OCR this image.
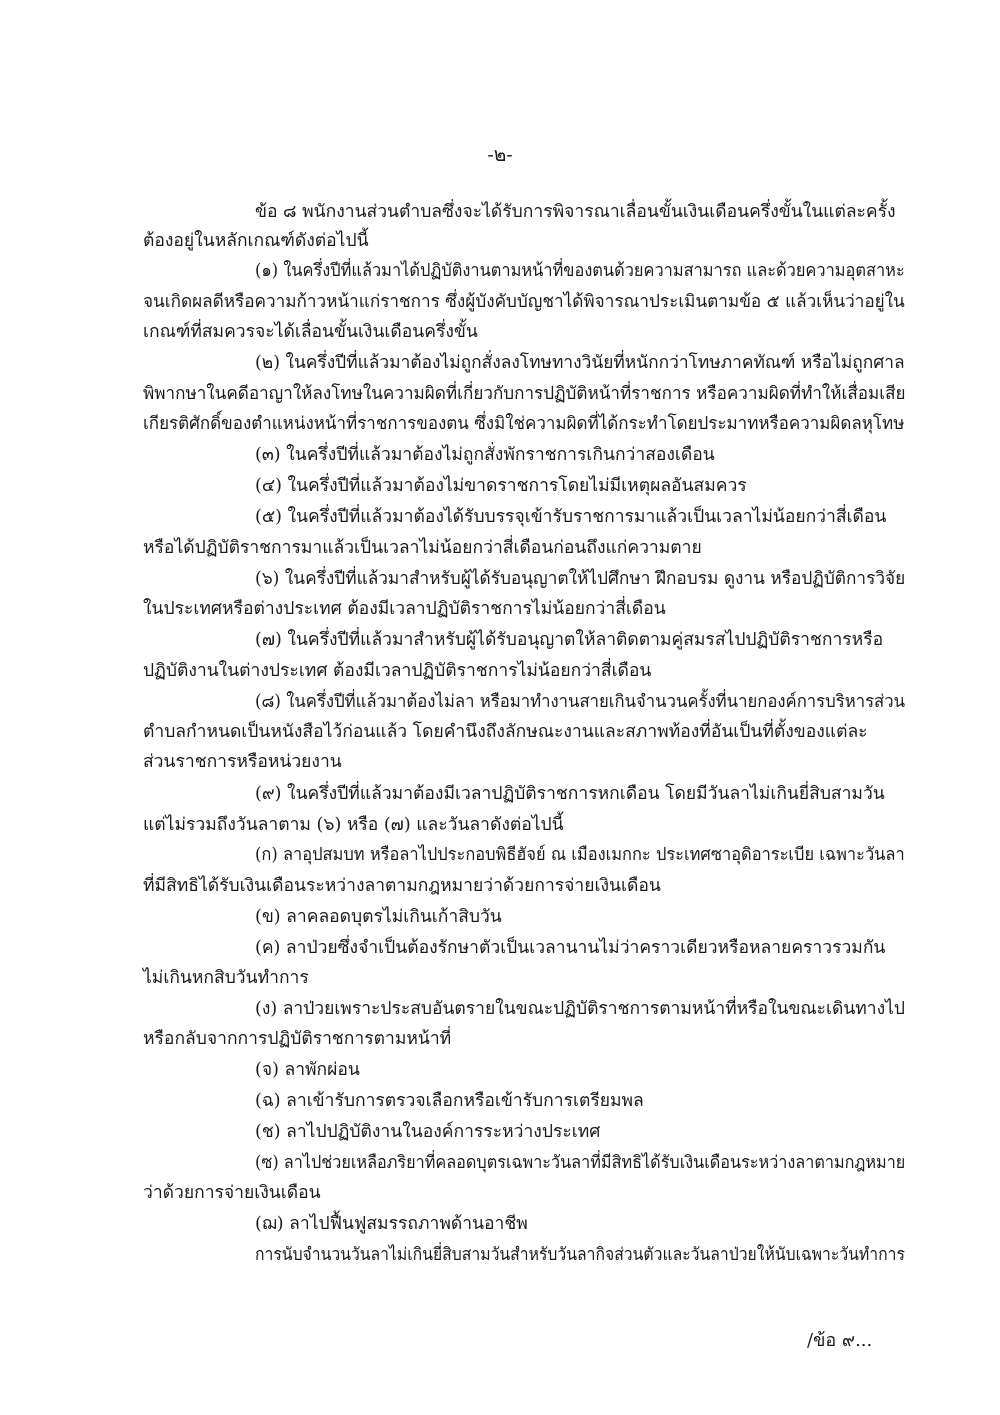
-๒-
ข้อ ๘ พนักงานส่วนตำบลซึ่งจะได้รับการพิจารณาเลื่อนขั้นเงินเดือนครึ่งขั้นในแต่ละครั้ง
ต้องอยู่ในหลักเกณฑ์ดังต่อไปนี้
(๑) ในครึ่งปีที่แล้วมาได้ปฏิบัติงานตามหน้าที่ของตนด้วยความสามารถ และด้วยความอุตสาหะ
จนเกิดผลดีหรือความก้าวหน้าแก่ราชการ ซึ่งผู้บังคับบัญชาได้พิจารณาประเมินตามข้อ ๕ แล้วเห็นว่าอยู่ใน
เกณฑ์ที่สมควรจะได้เลื่อนขั้นเงินเดือนครึ่งขั้น
(๒) ในครึ่งปีที่แล้วมาต้องไม่ถูกสั่งลงโทษทางวินัยที่หนักกว่าโทษภาคทัณฑ์ หรือไม่ถูกศาล
พิพากษาในคดีอาญาให้ลงโทษในความผิดที่เกี่ยวกับการปฏิบัติหน้าที่ราชการ หรือความผิดที่ทำให้เสื่อมเสีย
เกียรติศักดิ์ของตำแหน่งหน้าที่ราชการของตน ซึ่งมิใช่ความผิดที่ได้กระทำโดยประมาทหรือความผิดลหุโทษ
(๓) ในครึ่งปีที่แล้วมาต้องไม่ถูกสั่งพักราชการเกินกว่าสองเดือน
(๔) ในครึ่งปีที่แล้วมาต้องไม่ขาดราชการโดยไม่มีเหตุผลอันสมควร
(๕) ในครึ่งปีที่แล้วมาต้องได้รับบรรจุเข้ารับราชการมาแล้วเป็นเวลาไม่น้อยกว่าสี่เดือน
หรือได้ปฏิบัติราชการมาแล้วเป็นเวลาไม่น้อยกว่าสี่เดือนก่อนถึงแก่ความตาย
(๖) ในครึ่งปีที่แล้วมาสำหรับผู้ได้รับอนุญาตให้ไปศึกษา ฝึกอบรม ดูงาน หรือปฏิบัติการวิจัย
ในประเทศหรือต่างประเทศ ต้องมีเวลาปฏิบัติราชการไม่น้อยกว่าสี่เดือน
(๗) ในครึ่งปีที่แล้วมาสำหรับผู้ได้รับอนุญาตให้ลาติดตามคู่สมรสไปปฏิบัติราชการหรือ
ปฏิบัติงานในต่างประเทศ ต้องมีเวลาปฏิบัติราชการไม่น้อยกว่าสี่เดือน
(๘) ในครึ่งปีที่แล้วมาต้องไม่ลา หรือมาทำงานสายเกินจำนวนครั้งที่นายกองค์การบริหารส่วน
ตำบลกำหนดเป็นหนังสือไว้ก่อนแล้ว โดยคำนึงถึงลักษณะงานและสภาพท้องที่อันเป็นที่ตั้งของแต่ละ
ส่วนราชการหรือหน่วยงาน
(๙) ในครึ่งปีที่แล้วมาต้องมีเวลาปฏิบัติราชการหกเดือน โดยมีวันลาไม่เกินยี่สิบสามวัน
แต่ไม่รวมถึงวันลาตาม (๖) หรือ (๗) และวันลาดังต่อไปนี้
(ก) ลาอุปสมบท หรือลาไปประกอบพิธีฮัจย์ ณ เมืองเมกกะ ประเทศซาอุดิอาระเบีย เฉพาะวันลา
ที่มีสิทธิได้รับเงินเดือนระหว่างลาตามกฎหมายว่าด้วยการจ่ายเงินเดือน
(ข) ลาคลอดบุตรไม่เกินเก้าสิบวัน
(ค) ลาป่วยซึ่งจำเป็นต้องรักษาตัวเป็นเวลานานไม่ว่าคราวเดียวหรือหลายคราวรวมกัน
ไม่เกินหกสิบวันทำการ
(ง) ลาป่วยเพราะประสบอันตรายในขณะปฏิบัติราชการตามหน้าที่หรือในขณะเดินทางไป
หรือกลับจากการปฏิบัติราชการตามหน้าที่
(จ) ลาพักผ่อน
(ฉ) ลาเข้ารับการตรวจเลือกหรือเข้ารับการเตรียมพล
(ช) ลาไปปฏิบัติงานในองค์การระหว่างประเทศ
(ซ) ลาไปช่วยเหลือภริยาที่คลอดบุตรเฉพาะวันลาที่มีสิทธิได้รับเงินเดือนระหว่างลาตามกฎหมาย
ว่าด้วยการจ่ายเงินเดือน
(ฌ) ลาไปฟื้นฟูสมรรถภาพด้านอาชีพ
การนับจำนวนวันลาไม่เกินยี่สิบสามวันสำหรับวันลากิจส่วนตัวและวันลาป่วยให้นับเฉพาะวันทำการ
/ข้อ ๙...
